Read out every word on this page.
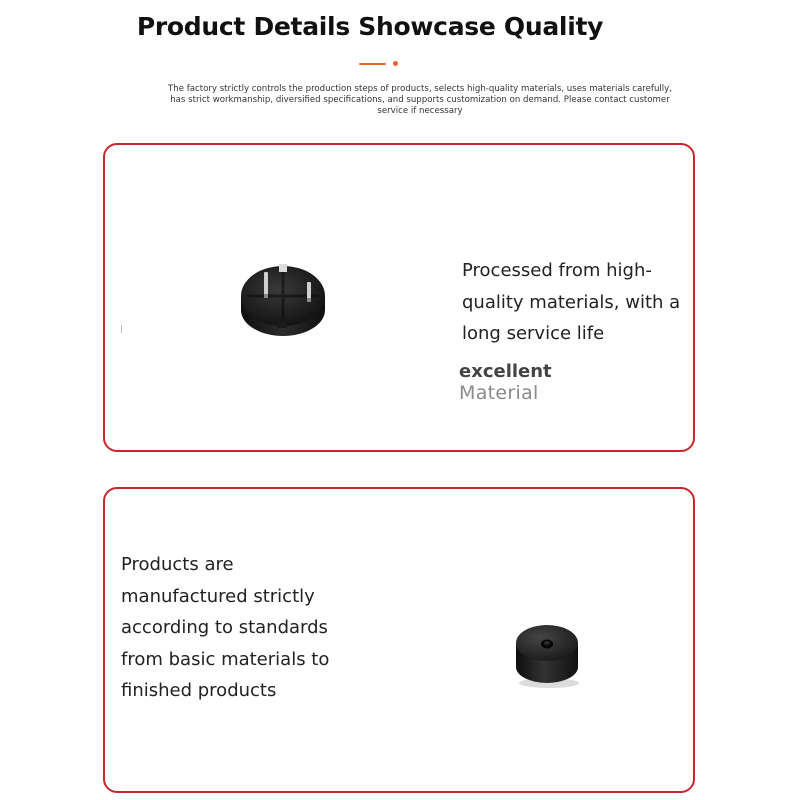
Product Details Showcase Quality
The factory strictly controls the production steps of products, selects high-quality materials, uses materials carefully, has strict workmanship, diversified specifications, and supports customization on demand. Please contact customer service if necessary
Processed from high-quality materials, with a long service life
excellent
Material
Products are manufactured strictly according to standards from basic materials to finished products
